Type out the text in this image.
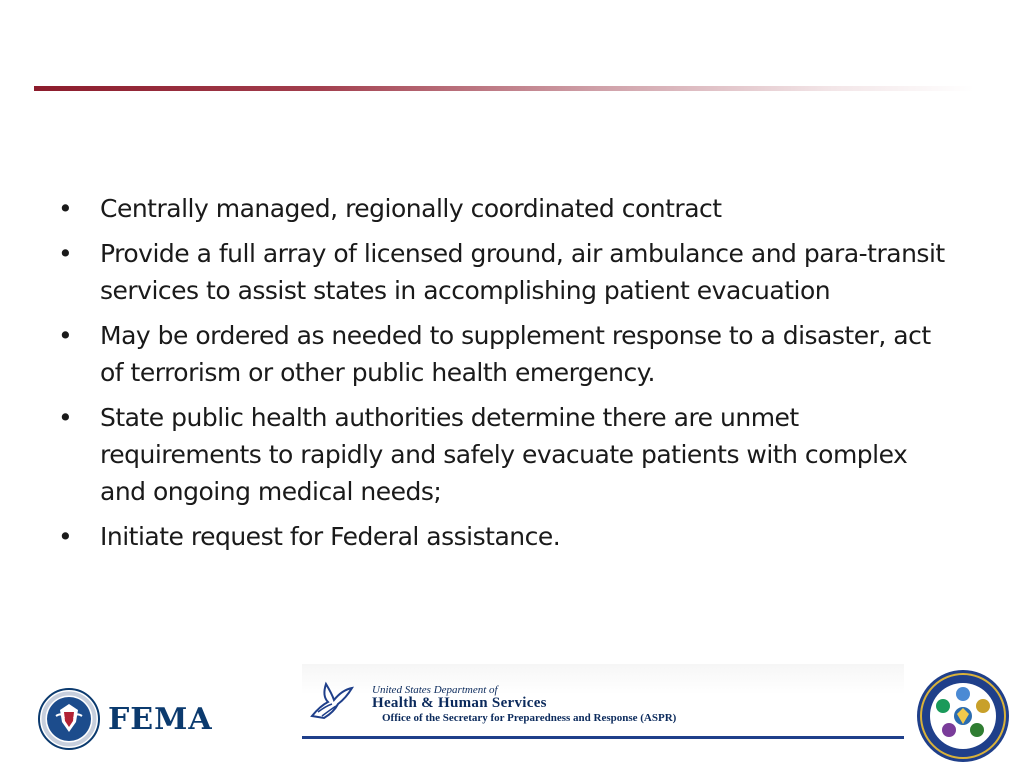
• Centrally managed, regionally coordinated contract
• Provide a full array of licensed ground, air ambulance and para-transit services to assist states in accomplishing patient evacuation
• May be ordered as needed to supplement response to a disaster, act of terrorism or other public health emergency.
• State public health authorities determine there are unmet requirements to rapidly and safely evacuate patients with complex and ongoing medical needs;
• Initiate request for Federal assistance.
FEMA
United States Department of
Health & Human Services
Office of the Secretary for Preparedness and Response (ASPR)
